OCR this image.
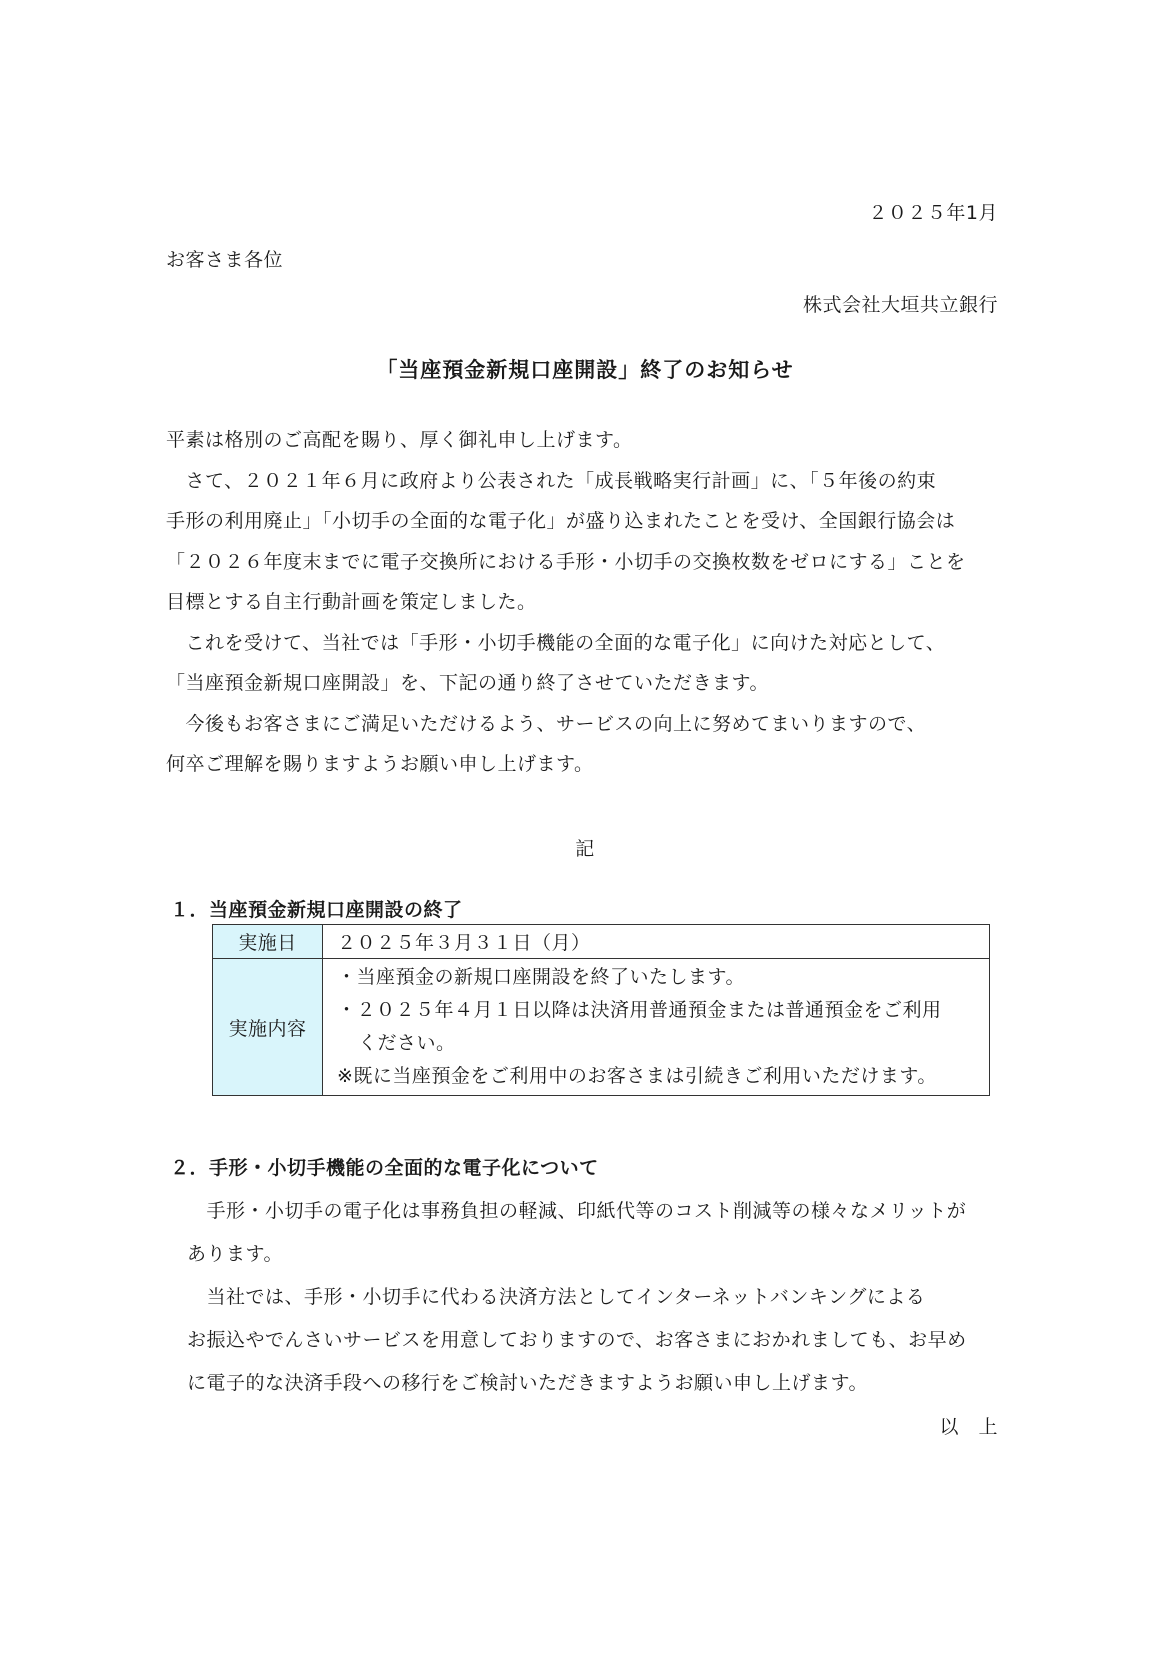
２０２５年1月
お客さま各位
株式会社大垣共立銀行
「当座預金新規口座開設」終了のお知らせ

平素は格別のご高配を賜り、厚く御礼申し上げます。

　さて、２０２１年６月に政府より公表された「成長戦略実行計画」に、「５年後の約束

手形の利用廃止」「小切手の全面的な電子化」が盛り込まれたことを受け、全国銀行協会は

「２０２６年度末までに電子交換所における手形・小切手の交換枚数をゼロにする」ことを

目標とする自主行動計画を策定しました。

　これを受けて、当社では「手形・小切手機能の全面的な電子化」に向けた対応として、

「当座預金新規口座開設」を、下記の通り終了させていただきます。

　今後もお客さまにご満足いただけるよう、サービスの向上に努めてまいりますので、

何卒ご理解を賜りますようお願い申し上げます。

記
１．当座預金新規口座開設の終了
実施日	２０２５年３月３１日（月）
実施内容	・当座預金の新規口座開設を終了いたします。
・２０２５年４月１日以降は決済用普通預金または普通預金をご利用
ください。
※既に当座預金をご利用中のお客さまは引続きご利用いただけます。
２．手形・小切手機能の全面的な電子化について

　手形・小切手の電子化は事務負担の軽減、印紙代等のコスト削減等の様々なメリットが

あります。

　当社では、手形・小切手に代わる決済方法としてインターネットバンキングによる

お振込やでんさいサービスを用意しておりますので、お客さまにおかれましても、お早め

に電子的な決済手段への移行をご検討いただきますようお願い申し上げます。

以　上
